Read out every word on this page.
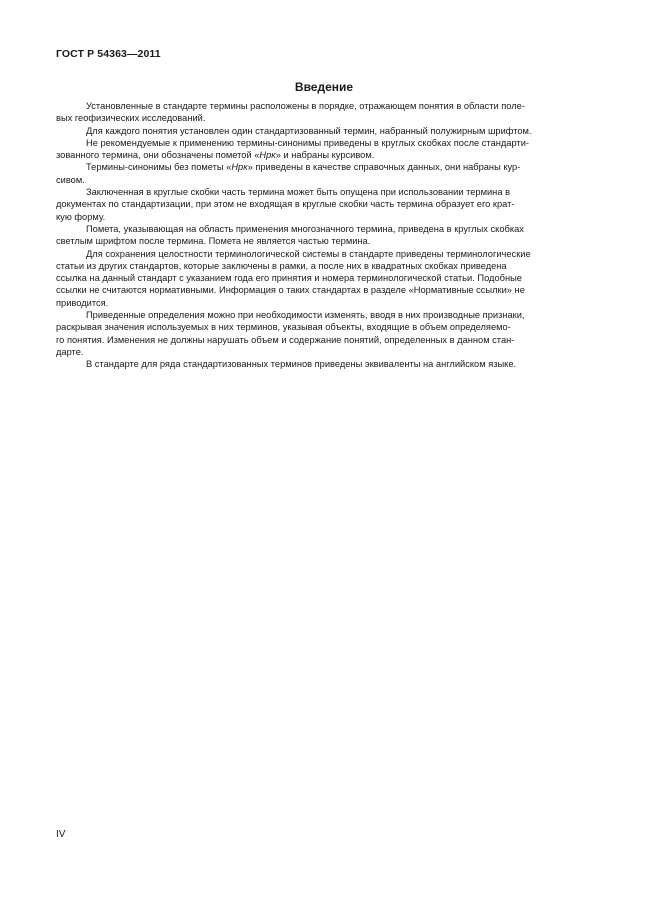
ГОСТ Р 54363—2011
Введение

Установленные в стандарте термины расположены в порядке, отражающем понятия в области поле-
вых геофизических исследований.

Для каждого понятия установлен один стандартизованный термин, набранный полужирным шрифтом.

Не рекомендуемые к применению термины-синонимы приведены в круглых скобках после стандарти-
зованного термина, они обозначены пометой «Нрк» и набраны курсивом.

Термины-синонимы без пометы «Нрк» приведены в качестве справочных данных, они набраны кур-
сивом.

Заключенная в круглые скобки часть термина может быть опущена при использовании термина в
документах по стандартизации, при этом не входящая в круглые скобки часть термина образует его крат-
кую форму.

Помета, указывающая на область применения многозначного термина, приведена в круглых скобках
светлым шрифтом после термина. Помета не является частью термина.

Для сохранения целостности терминологической системы в стандарте приведены терминологические
статьи из других стандартов, которые заключены в рамки, а после них в квадратных скобках приведена
ссылка на данный стандарт с указанием года его принятия и номера терминологической статьи. Подобные
ссылки не считаются нормативными. Информация о таких стандартах в разделе «Нормативные ссылки» не
приводится.

Приведенные определения можно при необходимости изменять, вводя в них производные признаки,
раскрывая значения используемых в них терминов, указывая объекты, входящие в объем определяемо-
го понятия. Изменения не должны нарушать объем и содержание понятий, определенных в данном стан-
дарте.

В стандарте для ряда стандартизованных терминов приведены эквиваленты на английском языке.

IV
